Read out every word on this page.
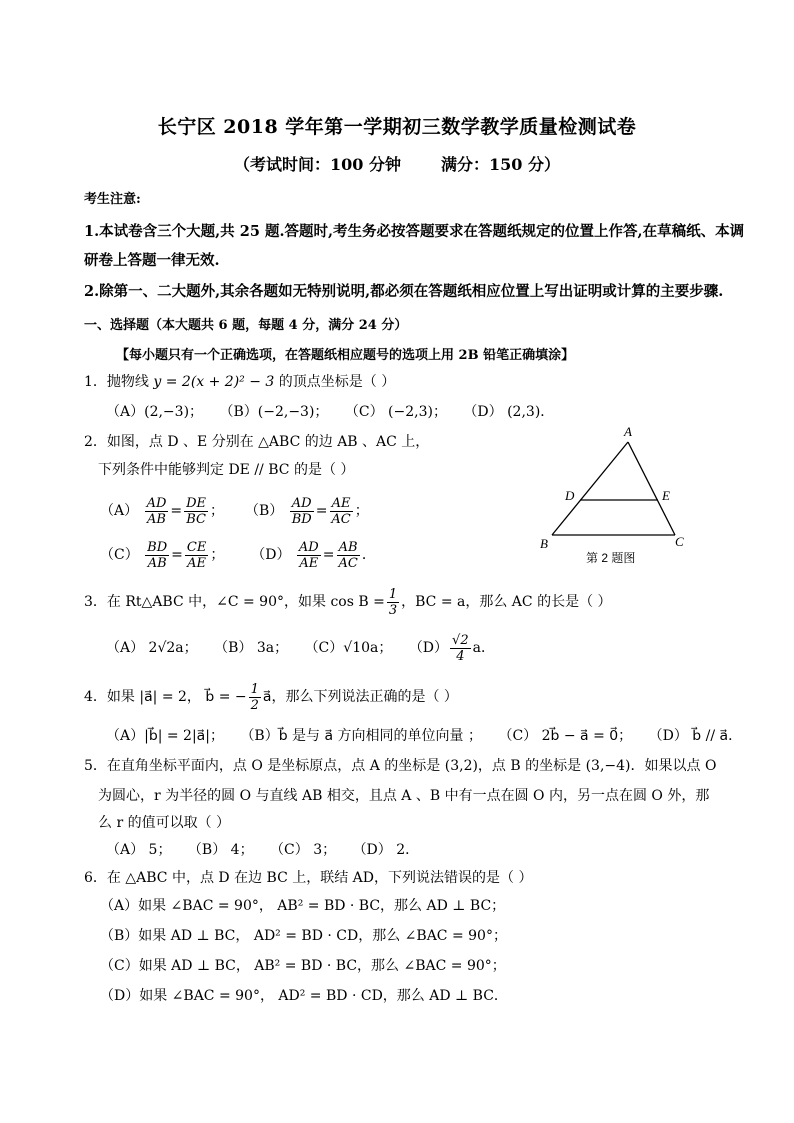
长宁区 2018 学年第一学期初三数学教学质量检测试卷
（考试时间：100 分钟	满分：150 分）
考生注意:
1.本试卷含三个大题,共 25 题.答题时,考生务必按答题要求在答题纸规定的位置上作答,在草稿纸、本调
研卷上答题一律无效.
2.除第一、二大题外,其余各题如无特别说明,都必须在答题纸相应位置上写出证明或计算的主要步骤.
一、选择题（本大题共 6 题，每题 4 分，满分 24 分）
【每小题只有一个正确选项，在答题纸相应题号的选项上用 2B 铅笔正确填涂】
1．抛物线 y = 2(x + 2)² − 3 的顶点坐标是（ ）
（A）(2,−3)； （B）(−2,−3)； （C） (−2,3)； （D） (2,3)．
2．如图，点 D 、E 分别在 △ABC 的边 AB 、AC 上，
下列条件中能够判定 DE // BC 的是（ ）
$(A) \frac{AD}{AB} = \frac{DE}{BC}$ ；  $(B) \frac{AD}{BD} = \frac{AE}{AC}$ ；
$(C) \frac{BD}{AB} = \frac{CE}{AE}$ ；  $(D) \frac{AD}{AE} = \frac{AB}{AC}$ ．
A
B	C
D	E
第 2 题图
3．在 Rt△ABC 中，∠C = 90°，如果 $\cos B = \frac{1}{3}$ ，BC = a，那么 AC 的长是（ ）
（A） 2√2a； （B） 3a； （C）√10a； $(D) \frac{√2}{4}$ a．
4．如果 |a⃗| = 2， b⃗ = − $\frac{1}{2}$ a⃗，那么下列说法正确的是（ ）
（A）|b⃗| = 2|a⃗|； （B）b⃗ 是与 a⃗ 方向相同的单位向量 ； （C） 2b⃗ − a⃗ = 0⃗； （D） b⃗ // a⃗．
5．在直角坐标平面内，点 O 是坐标原点，点 A 的坐标是 (3,2)，点 B 的坐标是 (3,−4)．如果以点 O
为圆心，r 为半径的圆 O 与直线 AB 相交，且点 A 、B 中有一点在圆 O 内，另一点在圆 O 外，那
么 r 的值可以取（ ）
（A） 5； （B） 4； （C） 3； （D） 2．
6．在 △ABC 中，点 D 在边 BC 上，联结 AD，下列说法错误的是（ ）
（A）如果 ∠BAC = 90°， AB² = BD · BC，那么 AD ⊥ BC；
（B）如果 AD ⊥ BC， AD² = BD · CD，那么 ∠BAC = 90°；
（C）如果 AD ⊥ BC， AB² = BD · BC，那么 ∠BAC = 90°；
（D）如果 ∠BAC = 90°， AD² = BD · CD，那么 AD ⊥ BC．
